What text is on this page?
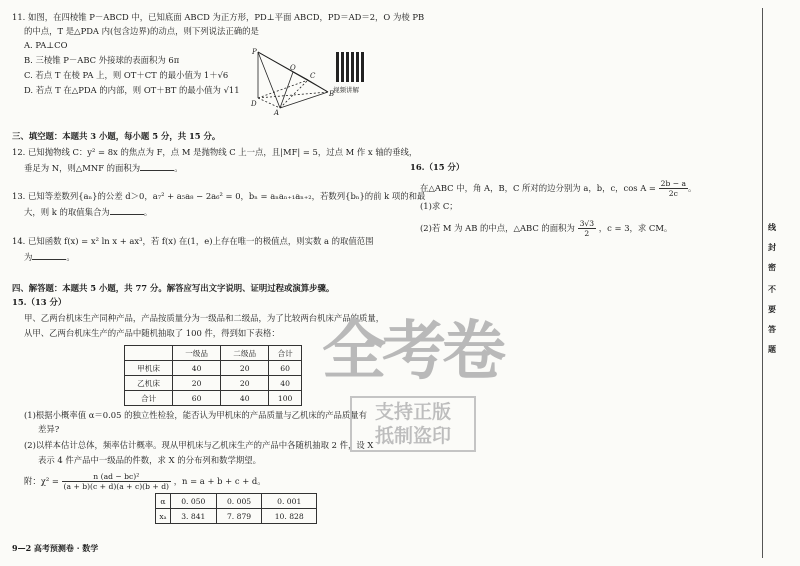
11. 如图，在四棱锥 P－ABCD 中，已知底面 ABCD 为正方形，PD⊥平面 ABCD，PD＝AD＝2，O 为棱 PB
的中点，T 是△PDA 内(包含边界)的动点，则下列说法正确的是
A. PA⊥CO
B. 三棱锥 P－ABC 外接球的表面积为 6π
C. 若点 T 在棱 PA 上，则 OT＋CT 的最小值为 1＋√6
D. 若点 T 在△PDA 的内部，则 OT＋BT 的最小值为 √11
P
O
D
C
A
B
视频讲解
三、填空题：本题共 3 小题，每小题 5 分，共 15 分。
12. 已知抛物线 C：y² = 8x 的焦点为 F，点 M 是抛物线 C 上一点，且|MF| = 5，过点 M 作 x 轴的垂线，
垂足为 N，则△MNF 的面积为	。
13. 已知等差数列{aₙ}的公差 d＞0，a₇² + a₅a₈ − 2a₆² = 0，bₙ = aₙaₙ₊₁aₙ₊₂，若数列{bₙ}的前 k 项的和最
大，则 k 的取值集合为	。
14. 已知函数 f(x) = x² ln x + ax³，若 f(x) 在(1，e)上存在唯一的极值点，则实数 a 的取值范围
为	。
四、解答题：本题共 5 小题，共 77 分。解答应写出文字说明、证明过程或演算步骤。
15.（13 分）
甲、乙两台机床生产同种产品，产品按质量分为一级品和二级品，为了比较两台机床产品的质量，
从甲、乙两台机床生产的产品中随机抽取了 100 件，得到如下表格：
	一级品	二级品	合计
甲机床	40	20	60
乙机床	20	20	40
合计	60	40	100
(1)根据小概率值 α＝0.05 的独立性检验，能否认为甲机床的产品质量与乙机床的产品质量有
差异?
(2)以样本估计总体，频率估计概率。现从甲机床与乙机床生产的产品中各随机抽取 2 件，设 X
表示 4 件产品中一级品的件数，求 X 的分布列和数学期望。
附：$\chi^2 = \frac{\text{n (ad − bc)²}}{(a + b)(c + d)(a + c)(b + d)}$ ，n = a + b + c + d。
α	0. 050	0. 005	0. 001
xₐ	3. 841	7. 879	10. 828
16.（15 分）
在△ABC 中，角 A，B，C 所对的边分别为 a，b，c，$\cos A = \frac{2b - a}{2c}$ 。
(1)求 C；
(2)若 M 为 AB 的中点，△ABC 的面积为 $\frac{3√3}{2}$ ，c = 3，求 CM。
全考卷
支持正版
抵制盗印
线
封
密
不
要
答
题
9—2 高考预测卷 · 数学
